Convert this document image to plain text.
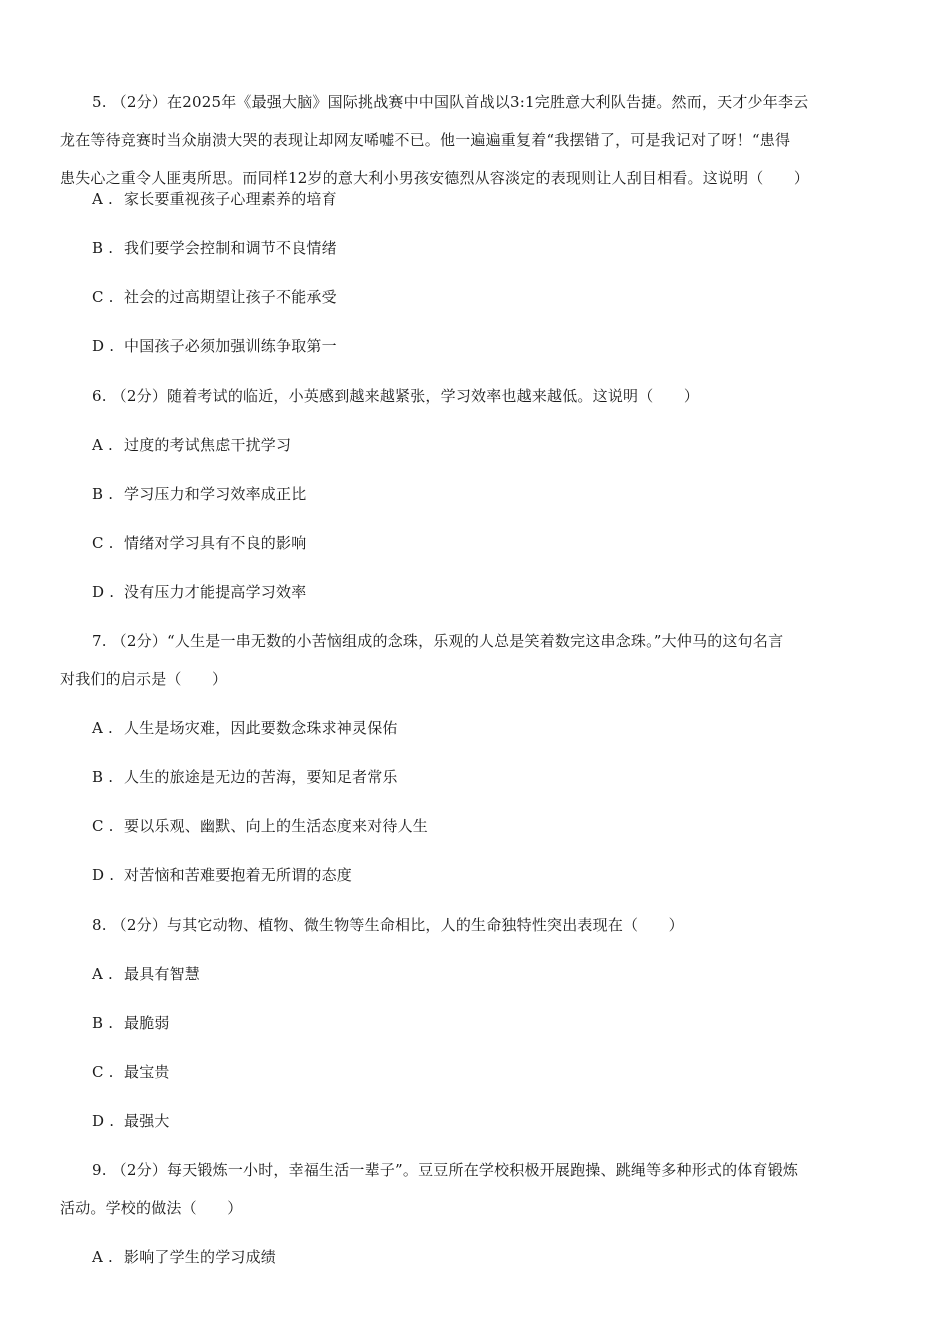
5. （2分）在2025年《最强大脑》国际挑战赛中中国队首战以3:1完胜意大利队告捷。然而，天才少年李云
龙在等待竞赛时当众崩溃大哭的表现让却网友唏嘘不已。他一遍遍重复着“我摆错了，可是我记对了呀！“患得
患失心之重令人匪夷所思。而同样12岁的意大利小男孩安德烈从容淡定的表现则让人刮目相看。这说明（　　）
A . 家长要重视孩子心理素养的培育
B . 我们要学会控制和调节不良情绪
C . 社会的过高期望让孩子不能承受
D . 中国孩子必须加强训练争取第一
6. （2分）随着考试的临近，小英感到越来越紧张，学习效率也越来越低。这说明（　　）
A . 过度的考试焦虑干扰学习
B . 学习压力和学习效率成正比
C . 情绪对学习具有不良的影响
D . 没有压力才能提高学习效率
7. （2分）“人生是一串无数的小苦恼组成的念珠，乐观的人总是笑着数完这串念珠。”大仲马的这句名言
对我们的启示是（　　）
A . 人生是场灾难，因此要数念珠求神灵保佑
B . 人生的旅途是无边的苦海，要知足者常乐
C . 要以乐观、幽默、向上的生活态度来对待人生
D . 对苦恼和苦难要抱着无所谓的态度
8. （2分）与其它动物、植物、微生物等生命相比，人的生命独特性突出表现在（　　）
A . 最具有智慧
B . 最脆弱
C . 最宝贵
D . 最强大
9. （2分）每天锻炼一小时，幸福生活一辈子”。豆豆所在学校积极开展跑操、跳绳等多种形式的体育锻炼
活动。学校的做法（　　）
A . 影响了学生的学习成绩
